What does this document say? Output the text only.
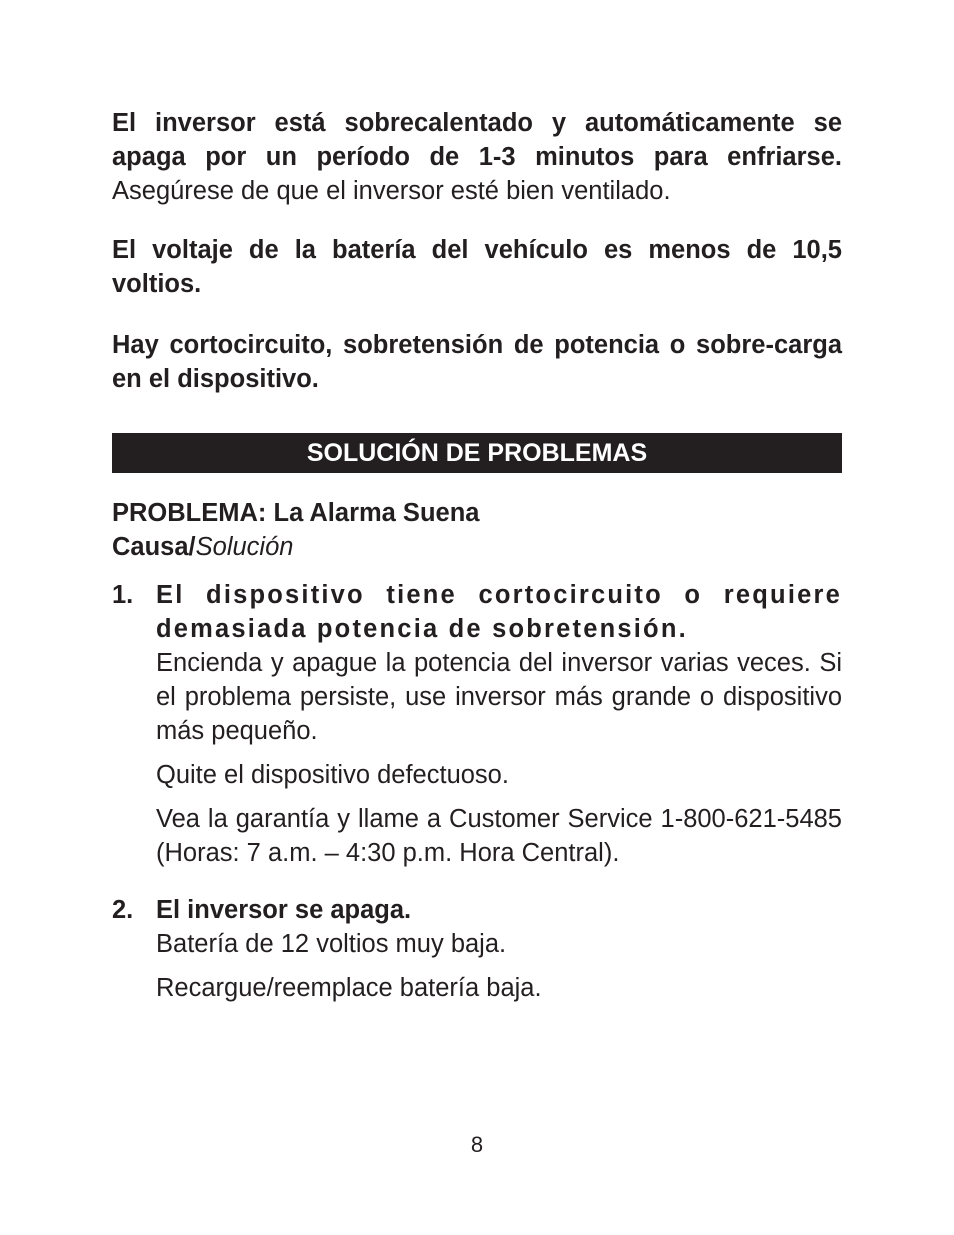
El inversor está sobrecalentado y automáticamente se apaga por un período de 1-3 minutos para enfriarse. Asegúrese de que el inversor esté bien ventilado.
El voltaje de la batería del vehículo es menos de 10,5 voltios.
Hay cortocircuito, sobretensión de potencia o sobre-carga en el dispositivo.
SOLUCIÓN DE PROBLEMAS
PROBLEMA: La Alarma Suena
Causa/Solución
1. El dispositivo tiene cortocircuito o requiere demasiada potencia de sobretensión.
Encienda y apague la potencia del inversor varias veces. Si el problema persiste, use inversor más grande o dispositivo más pequeño.
Quite el dispositivo defectuoso.
Vea la garantía y llame a Customer Service 1-800-621-5485 (Horas: 7 a.m. – 4:30 p.m. Hora Central).
2. El inversor se apaga.
Batería de 12 voltios muy baja.
Recargue/reemplace batería baja.
8
